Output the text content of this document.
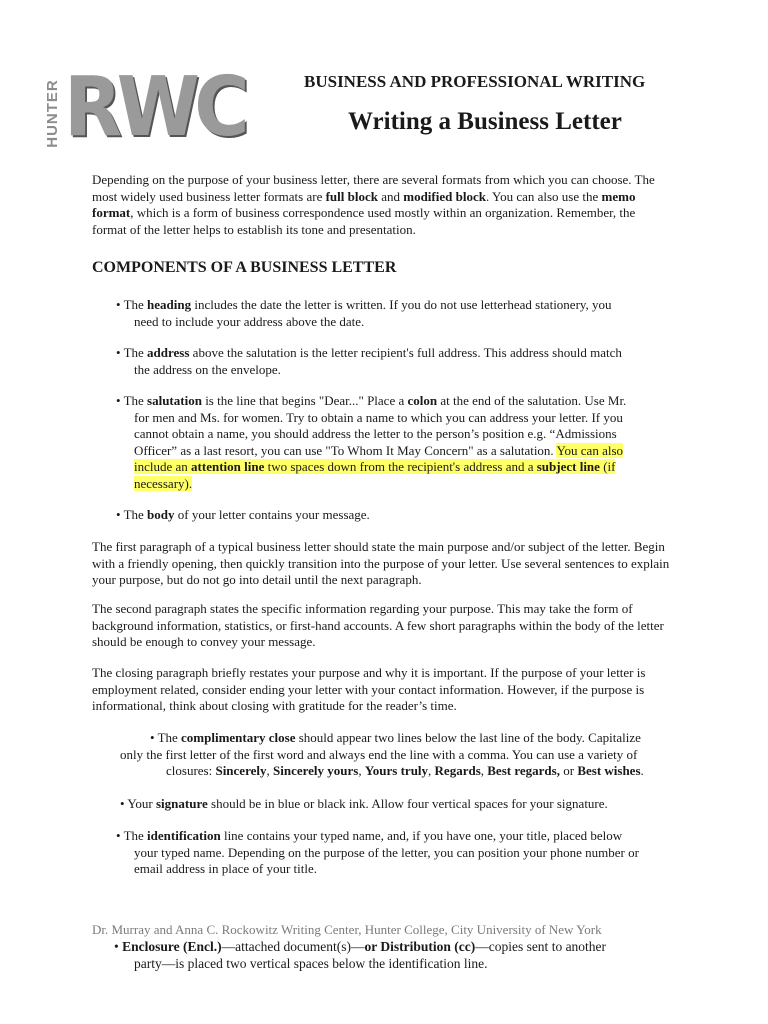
HUNTER RWC	BUSINESS AND PROFESSIONAL WRITING
Writing a Business Letter

Depending on the purpose of your business letter, there are several formats from which you can choose. The most widely used business letter formats are full block and modified block. You can also use the memo format, which is a form of business correspondence used mostly within an organization. Remember, the format of the letter helps to establish its tone and presentation.

COMPONENTS OF A BUSINESS LETTER
• The heading includes the date the letter is written. If you do not use letterhead stationery, you
need to include your address above the date.
• The address above the salutation is the letter recipient's full address. This address should match
the address on the envelope.
• The salutation is the line that begins "Dear..." Place a colon at the end of the salutation. Use Mr.
for men and Ms. for women. Try to obtain a name to which you can address your letter. If you
cannot obtain a name, you should address the letter to the person’s position e.g. “Admissions
Officer” as a last resort, you can use "To Whom It May Concern" as a salutation. You can also
include an attention line two spaces down from the recipient's address and a subject line (if
necessary).
• The body of your letter contains your message.

The first paragraph of a typical business letter should state the main purpose and/or subject of the letter. Begin with a friendly opening, then quickly transition into the purpose of your letter. Use several sentences to explain your purpose, but do not go into detail until the next paragraph.

The second paragraph states the specific information regarding your purpose. This may take the form of background information, statistics, or first-hand accounts. A few short paragraphs within the body of the letter should be enough to convey your message.

The closing paragraph briefly restates your purpose and why it is important. If the purpose of your letter is employment related, consider ending your letter with your contact information. However, if the purpose is informational, think about closing with gratitude for the reader’s time.

• The complimentary close should appear two lines below the last line of the body. Capitalize
only the first letter of the first word and always end the line with a comma. You can use a variety of
closures: Sincerely, Sincerely yours, Yours truly, Regards, Best regards, or Best wishes.
• Your signature should be in blue or black ink. Allow four vertical spaces for your signature.
• The identification line contains your typed name, and, if you have one, your title, placed below
your typed name. Depending on the purpose of the letter, you can position your phone number or
email address in place of your title.
Dr. Murray and Anna C. Rockowitz Writing Center, Hunter College, City University of New York
• Enclosure (Encl.)—attached document(s)—or Distribution (cc)—copies sent to another
party—is placed two vertical spaces below the identification line.
